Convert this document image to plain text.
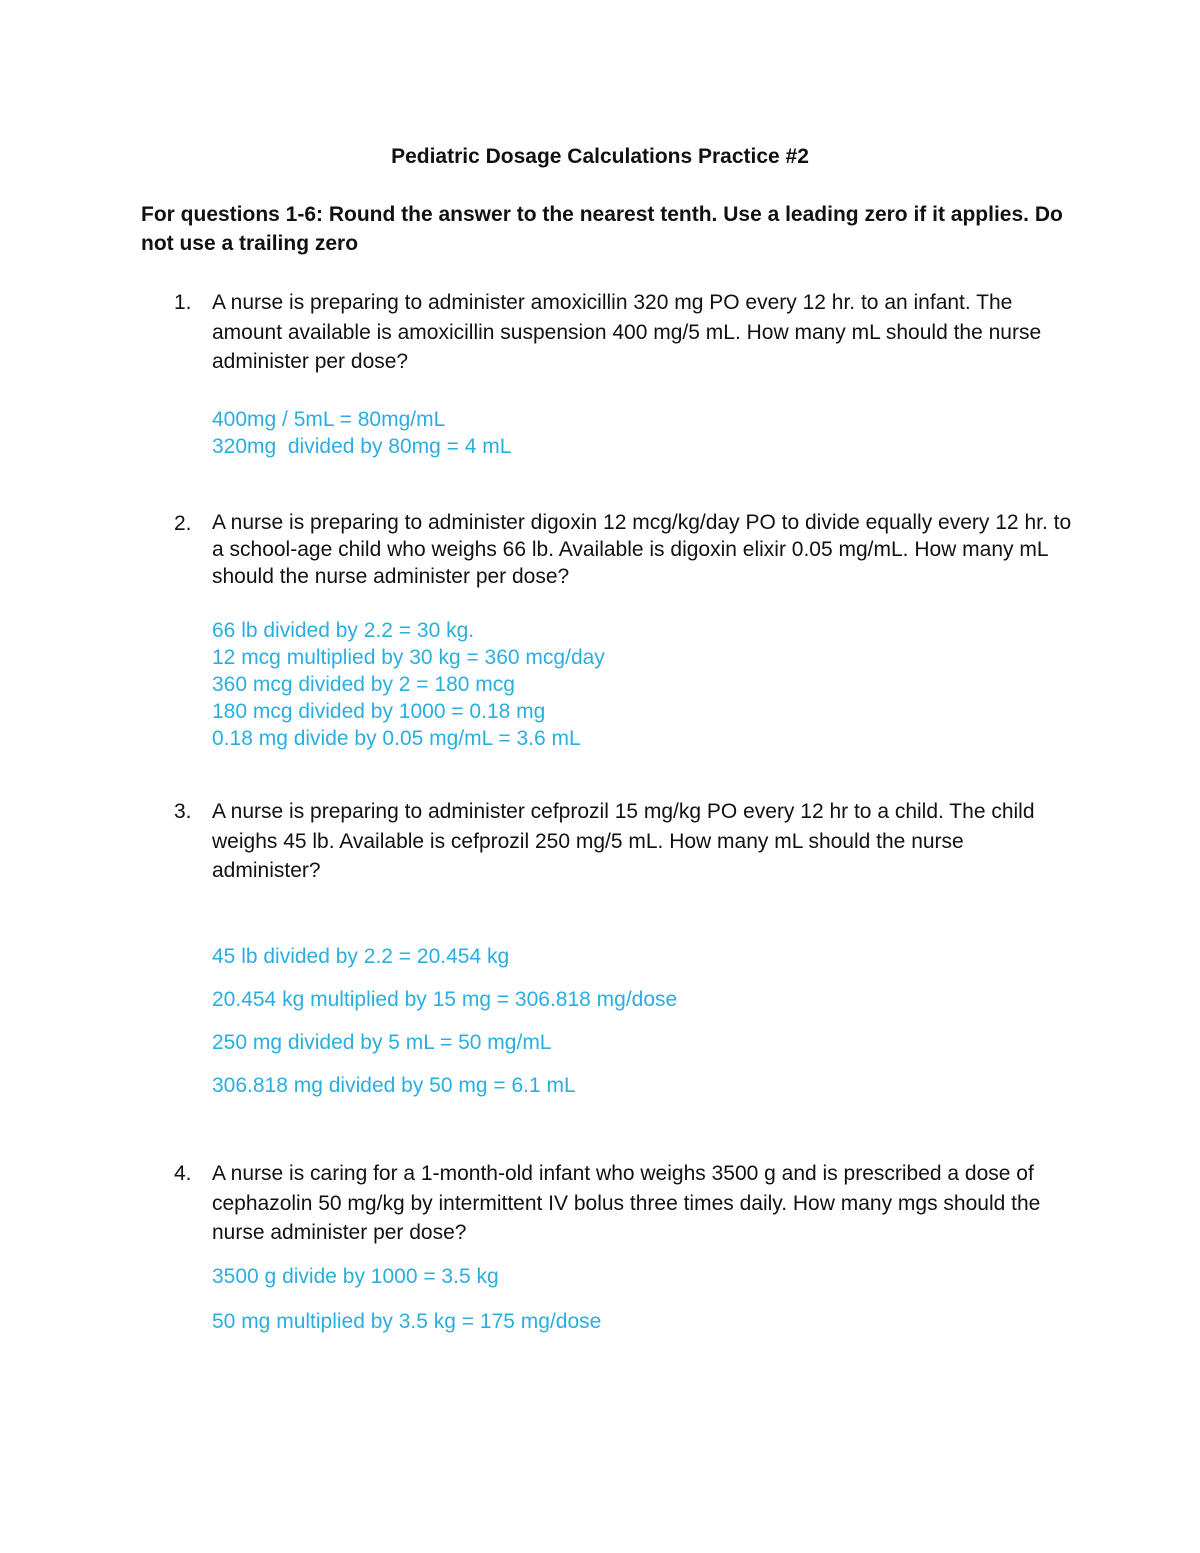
Pediatric Dosage Calculations Practice #2
For questions 1-6: Round the answer to the nearest tenth. Use a leading zero if it applies. Do not use a trailing zero
1. A nurse is preparing to administer amoxicillin 320 mg PO every 12 hr. to an infant. The amount available is amoxicillin suspension 400 mg/5 mL. How many mL should the nurse administer per dose?
400mg / 5mL = 80mg/mL
320mg  divided by 80mg = 4 mL
2. A nurse is preparing to administer digoxin 12 mcg/kg/day PO to divide equally every 12 hr. to a school-age child who weighs 66 lb. Available is digoxin elixir 0.05 mg/mL. How many mL should the nurse administer per dose?
66 lb divided by 2.2 = 30 kg.
12 mcg multiplied by 30 kg = 360 mcg/day
360 mcg divided by 2 = 180 mcg
180 mcg divided by 1000 = 0.18 mg
0.18 mg divide by 0.05 mg/mL = 3.6 mL
3. A nurse is preparing to administer cefprozil 15 mg/kg PO every 12 hr to a child. The child weighs 45 lb. Available is cefprozil 250 mg/5 mL. How many mL should the nurse administer?
45 lb divided by 2.2 = 20.454 kg
20.454 kg multiplied by 15 mg = 306.818 mg/dose
250 mg divided by 5 mL = 50 mg/mL
306.818 mg divided by 50 mg = 6.1 mL
4. A nurse is caring for a 1-month-old infant who weighs 3500 g and is prescribed a dose of cephazolin 50 mg/kg by intermittent IV bolus three times daily. How many mgs should the nurse administer per dose?
3500 g divide by 1000 = 3.5 kg
50 mg multiplied by 3.5 kg = 175 mg/dose
